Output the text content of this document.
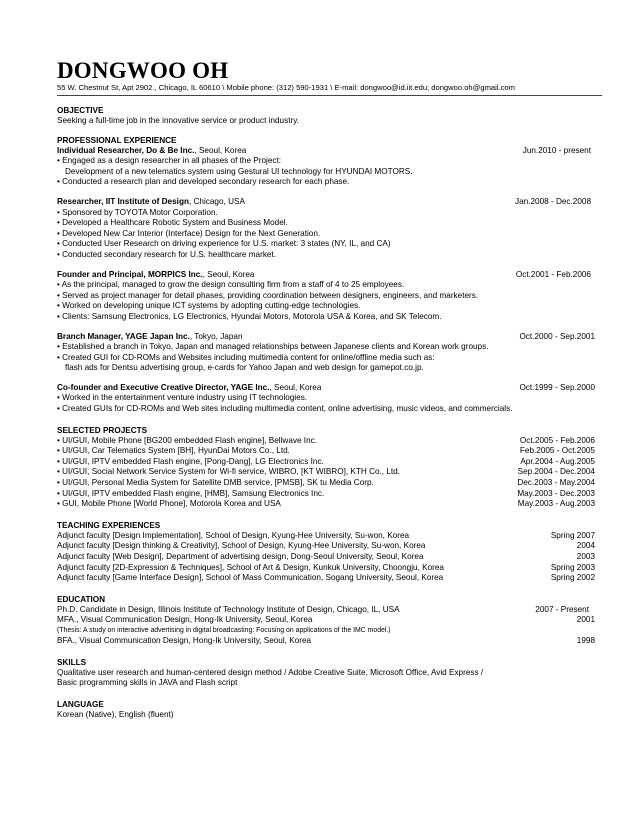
DONGWOO OH
55 W. Chestnut St, Apt 2902., Chicago, IL 60610 \ Mobile phone: (312) 590-1931 \ E-mail: dongwoo@id.iit.edu; dongwoo.oh@gmail.com
OBJECTIVE
Seeking a full-time job in the innovative service or product industry.
PROFESSIONAL EXPERIENCE
Individual Researcher, Do & Be Inc., Seoul, Korea	Jun.2010 - present
• Engaged as a design researcher in all phases of the Project:
Development of a new telematics system using Gestural UI technology for HYUNDAI MOTORS.
• Conducted a research plan and developed secondary research for each phase.
Researcher, IIT Institute of Design, Chicago, USA	Jan.2008 - Dec.2008
• Sponsored by TOYOTA Motor Corporation.
• Developed a Healthcare Robotic System and Business Model.
• Developed New Car Interior (Interface) Design for the Next Generation.
• Conducted User Research on driving experience for U.S. market: 3 states (NY, IL, and CA)
• Conducted secondary research for U.S. healthcare market.
Founder and Principal, MORPICS Inc., Seoul, Korea	Oct.2001 - Feb.2006
• As the principal, managed to grow the design consulting firm from a staff of 4 to 25 employees.
• Served as project manager for detail phases, providing coordination between designers, engineers, and marketers.
• Worked on developing unique ICT systems by adopting cutting-edge technologies.
• Clients: Samsung Electronics, LG Electronics, Hyundai Motors, Motorola USA & Korea, and SK Telecom.
Branch Manager, YAGE Japan Inc., Tokyo, Japan	Oct.2000 - Sep.2001
• Established a branch in Tokyo, Japan and managed relationships between Japanese clients and Korean work groups.
• Created GUI for CD-ROMs and Websites including multimedia content for online/offline media such as:
flash ads for Dentsu advertising group, e-cards for Yahoo Japan and web design for gamepot.co.jp.
Co-founder and Executive Creative Director, YAGE Inc., Seoul, Korea	Oct.1999 - Sep.2000
• Worked in the entertainment venture industry using IT technologies.
• Created GUIs for CD-ROMs and Web sites including multimedia content, online advertising, music videos, and commercials.
SELECTED PROJECTS
• UI/GUI, Mobile Phone [BG200 embedded Flash engine], Bellwave Inc.	Oct.2005 - Feb.2006
• UI/GUI, Car Telematics System [BH], HyunDai Motors Co., Ltd.	Feb.2005 - Oct.2005
• UI/GUI, IPTV embedded Flash engine, [Pong-Dang], LG Electronics Inc.	Apr.2004 - Aug.2005
• UI/GUI, Social Network Service System for Wi-fi service, WIBRO, [KT WIBRO], KTH Co., Ltd.	Sep.2004 - Dec.2004
• UI/GUI, Personal Media System for Satellite DMB service, [PMSB], SK tu Media Corp.	Dec.2003 - May.2004
• UI/GUI, IPTV embedded Flash engine, [HMB], Samsung Electronics Inc.	May.2003 - Dec.2003
• GUI, Mobile Phone [World Phone], Motorola Korea and USA	May.2003 - Aug.2003
TEACHING EXPERIENCES
Adjunct faculty [Design Implementation], School of Design, Kyung-Hee University, Su-won, Korea	Spring 2007
Adjunct faculty [Design thinking & Creativity], School of Design, Kyung-Hee University, Su-won, Korea	2004
Adjunct faculty [Web Design], Department of advertising design, Dong-Seoul University, Seoul, Korea	2003
Adjunct faculty [2D-Expression & Techniques], School of Art & Design, Kunkuk University, Choongju, Korea	Spring 2003
Adjunct faculty [Game Interface Design], School of Mass Communication, Sogang University, Seoul, Korea	Spring 2002
EDUCATION
Ph.D. Candidate in Design, Illinois Institute of Technology Institute of Design, Chicago, IL, USA	2007 - Present
MFA., Visual Communication Design, Hong-Ik University, Seoul, Korea	2001
(Thesis: A study on interactive advertising in digital broadcasting: Focusing on applications of the IMC model.)
BFA., Visual Communication Design, Hong-Ik University, Seoul, Korea	1998
SKILLS
Qualitative user research and human-centered design method / Adobe Creative Suite, Microsoft Office, Avid Express /
Basic programming skills in JAVA and Flash script
LANGUAGE
Korean (Native), English (fluent)
